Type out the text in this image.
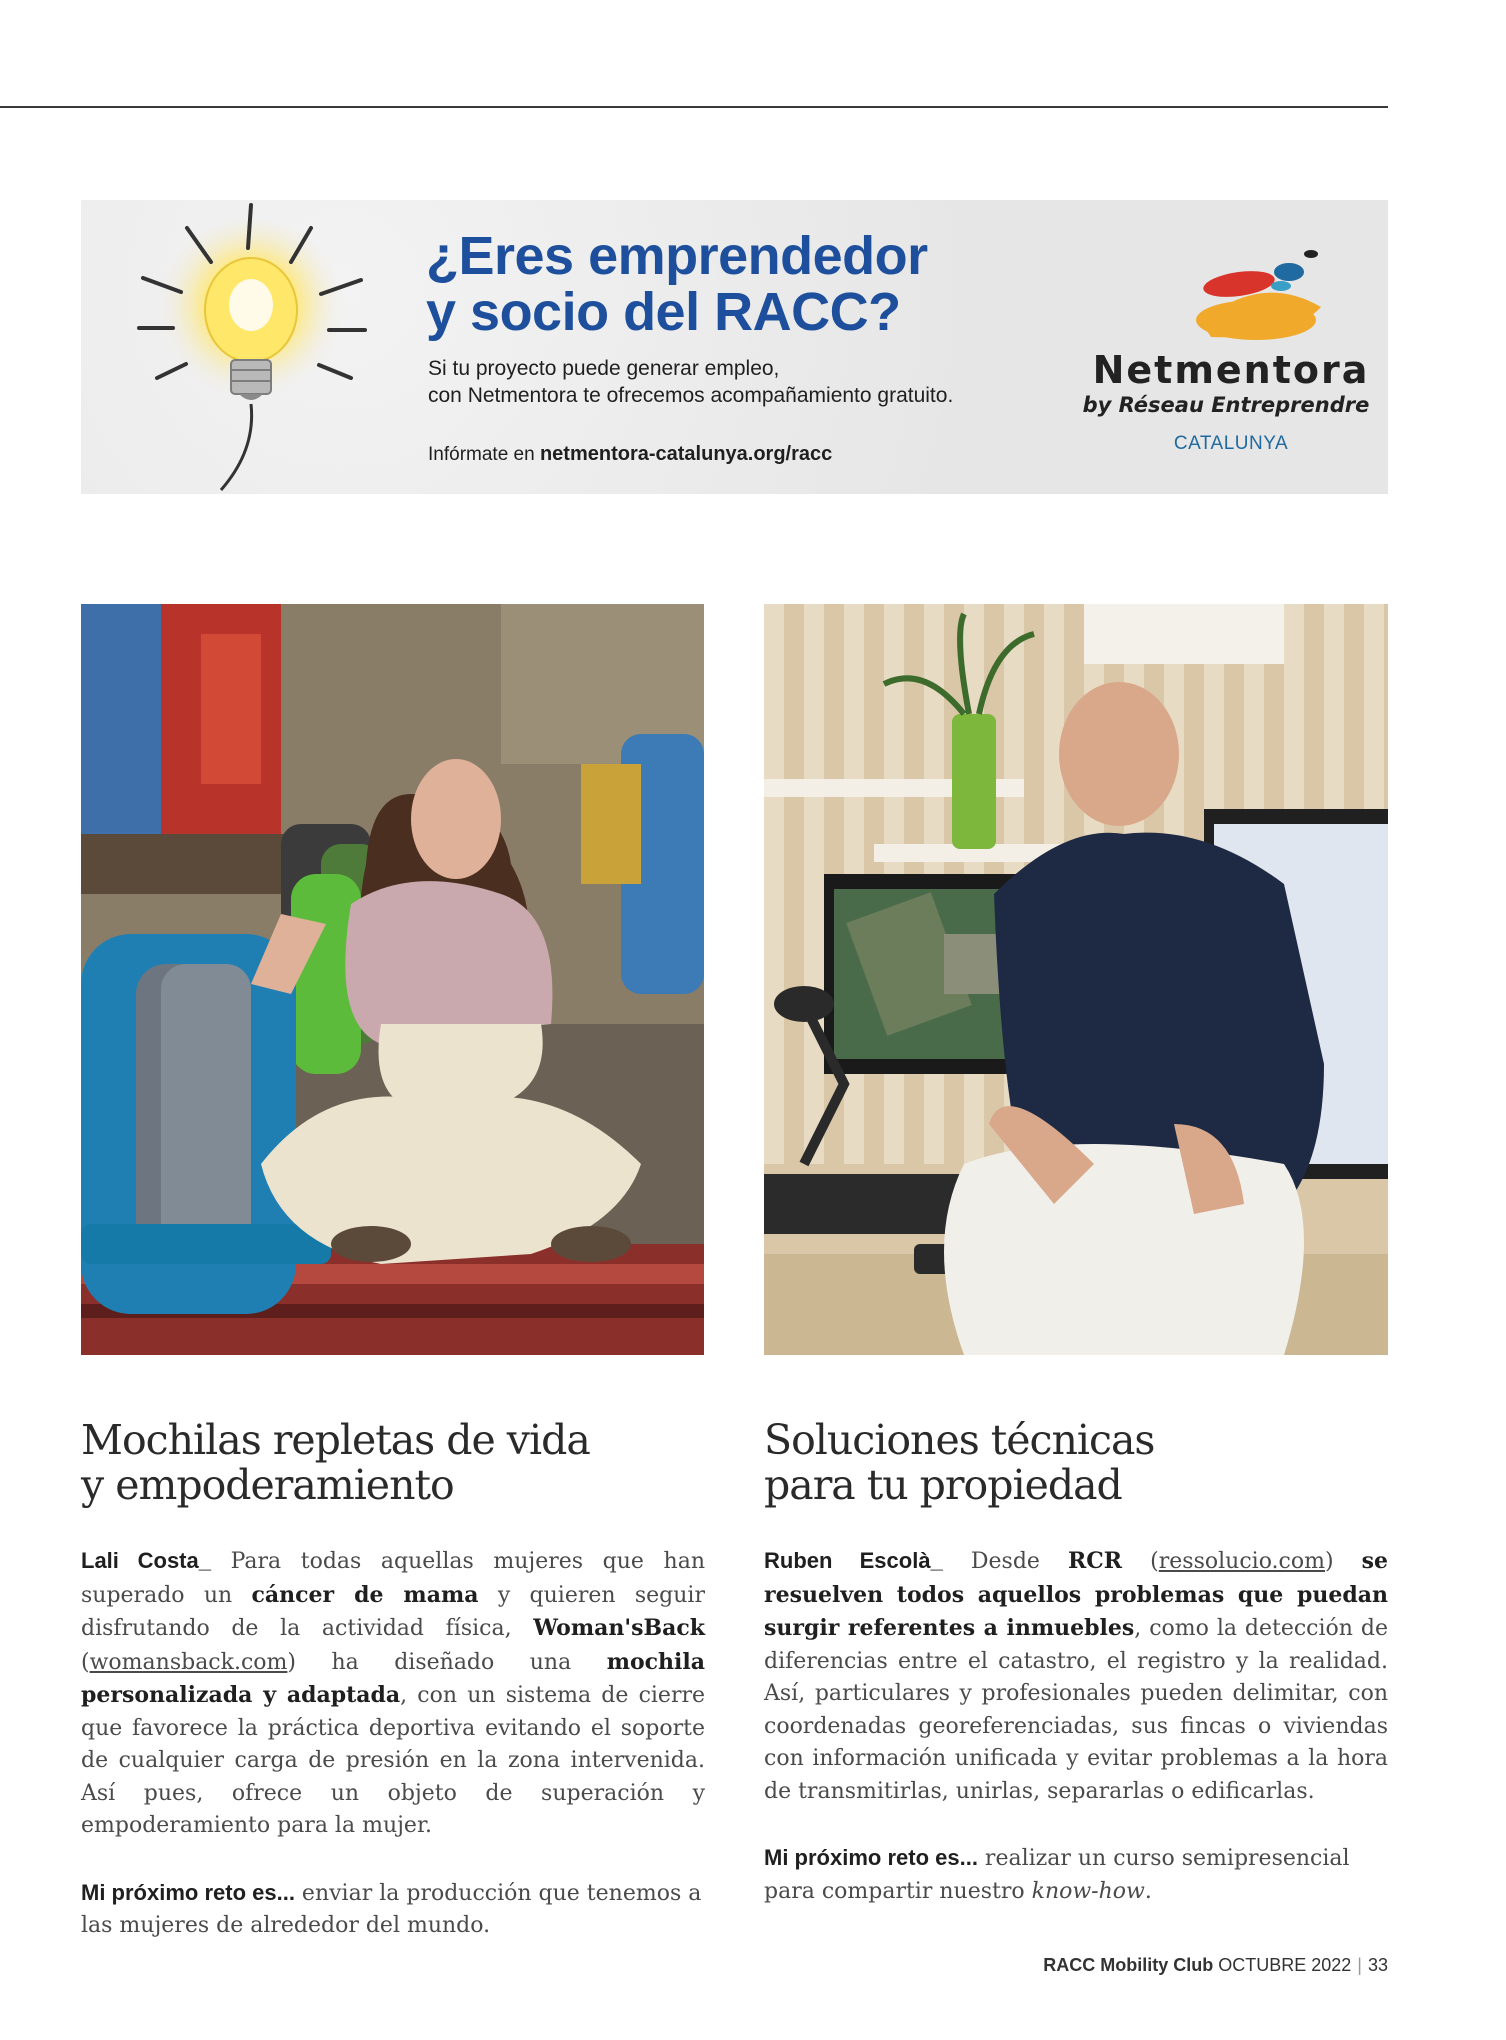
¿Eres emprendedor
y socio del RACC?

Si tu proyecto puede generar empleo,
con Netmentora te ofrecemos acompañamiento gratuito.

Infórmate en netmentora-catalunya.org/racc
Netmentora
by Réseau Entreprendre
CATALUNYA
Mochilas repletas de vida
y empoderamiento

Lali Costa_ Para todas aquellas mujeres que han superado un cáncer de mama y quieren seguir disfrutando de la actividad física, Woman'sBack (womansback.com) ha diseñado una mochila personalizada y adaptada, con un sistema de cierre que favorece la práctica deportiva evitando el soporte de cualquier carga de presión en la zona intervenida. Así pues, ofrece un objeto de superación y empoderamiento para la mujer.

Mi próximo reto es... enviar la producción que tenemos a las mujeres de alrededor del mundo.

Soluciones técnicas
para tu propiedad

Ruben Escolà_ Desde RCR (ressolucio.com) se resuelven todos aquellos problemas que puedan surgir referentes a inmuebles, como la detección de diferencias entre el catastro, el registro y la realidad. Así, particulares y profesionales pueden delimitar, con coordenadas georeferenciadas, sus fincas o viviendas con información unificada y evitar problemas a la hora de transmitirlas, unirlas, separarlas o edificarlas.

Mi próximo reto es... realizar un curso semipresencial para compartir nuestro know-how.

RACC Mobility Club OCTUBRE 2022 | 33
